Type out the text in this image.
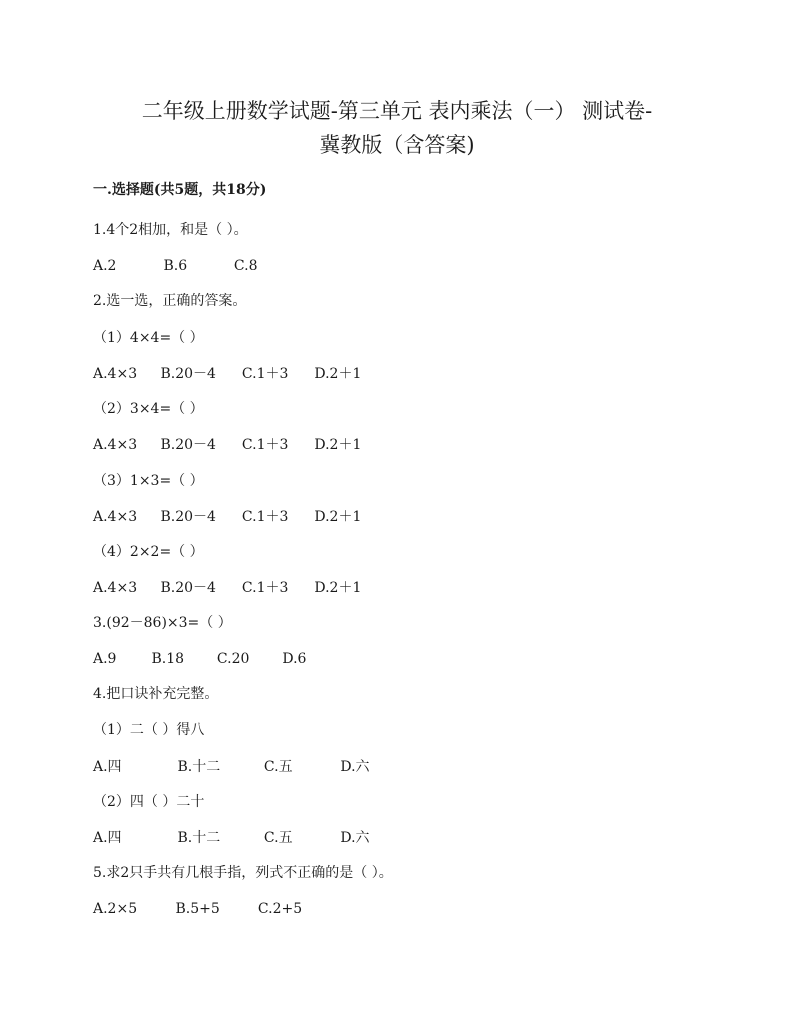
二年级上册数学试题-第三单元 表内乘法（一） 测试卷-
冀教版（含答案)
一.选择题(共5题，共18分)
1.4个2相加，和是（ ）。
A.2	B.6	C.8
2.选一选，正确的答案。
（1）4×4=（ ）
A.4×3 B.20－4 C.1＋3 D.2＋1
（2）3×4=（ ）
A.4×3 B.20－4 C.1＋3 D.2＋1
（3）1×3=（ ）
A.4×3 B.20－4 C.1＋3 D.2＋1
（4）2×2=（ ）
A.4×3 B.20－4 C.1＋3 D.2＋1
3.(92－86)×3=（ ）
A.9 B.18 C.20 D.6
4.把口诀补充完整。
（1）二（ ）得八
A.四	B.十二	C.五	D.六
（2）四（ ）二十
A.四	B.十二	C.五	D.六
5.求2只手共有几根手指，列式不正确的是（ ）。
A.2×5	B.5+5	C.2+5
